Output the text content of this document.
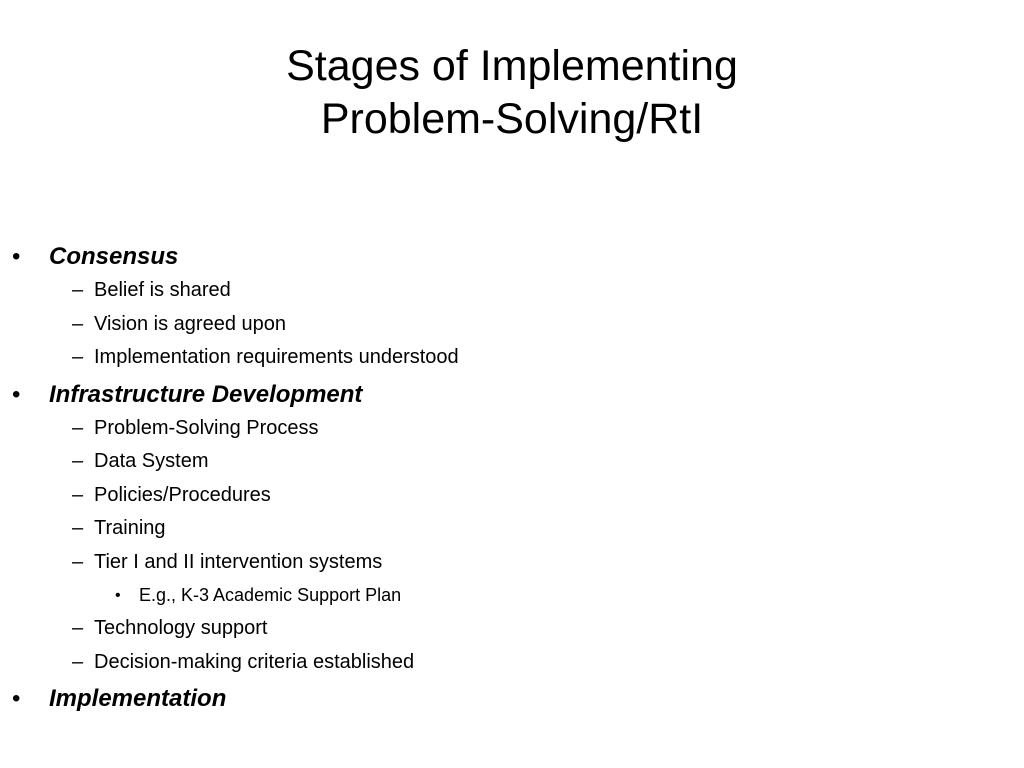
Stages of Implementing
Problem-Solving/RtI
• Consensus
– Belief is shared
– Vision is agreed upon
– Implementation requirements understood
• Infrastructure Development
– Problem-Solving Process
– Data System
– Policies/Procedures
– Training
– Tier I and II intervention systems
• E.g., K-3 Academic Support Plan
– Technology support
– Decision-making criteria established
• Implementation
